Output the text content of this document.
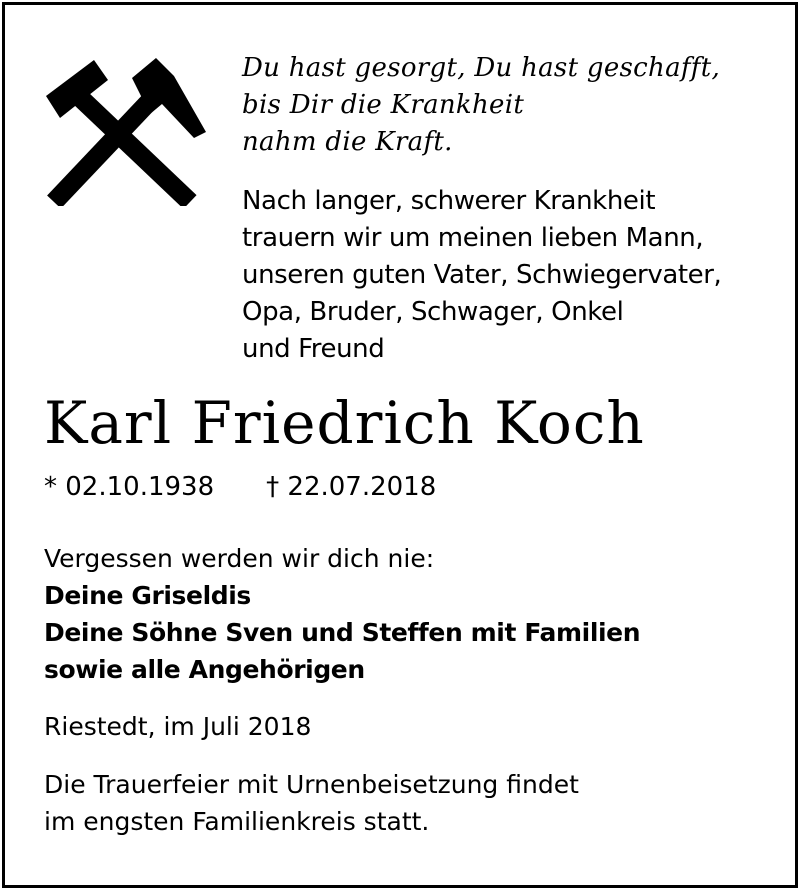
Du hast gesorgt, Du hast geschafft,
bis Dir die Krankheit
nahm die Kraft.
Nach langer, schwerer Krankheit
trauern wir um meinen lieben Mann,
unseren guten Vater, Schwiegervater,
Opa, Bruder, Schwager, Onkel
und Freund
Karl Friedrich Koch
* 02.10.1938 † 22.07.2018
Vergessen werden wir dich nie:
Deine Griseldis
Deine Söhne Sven und Steffen mit Familien
sowie alle Angehörigen
Riestedt, im Juli 2018
Die Trauerfeier mit Urnenbeisetzung findet
im engsten Familienkreis statt.
